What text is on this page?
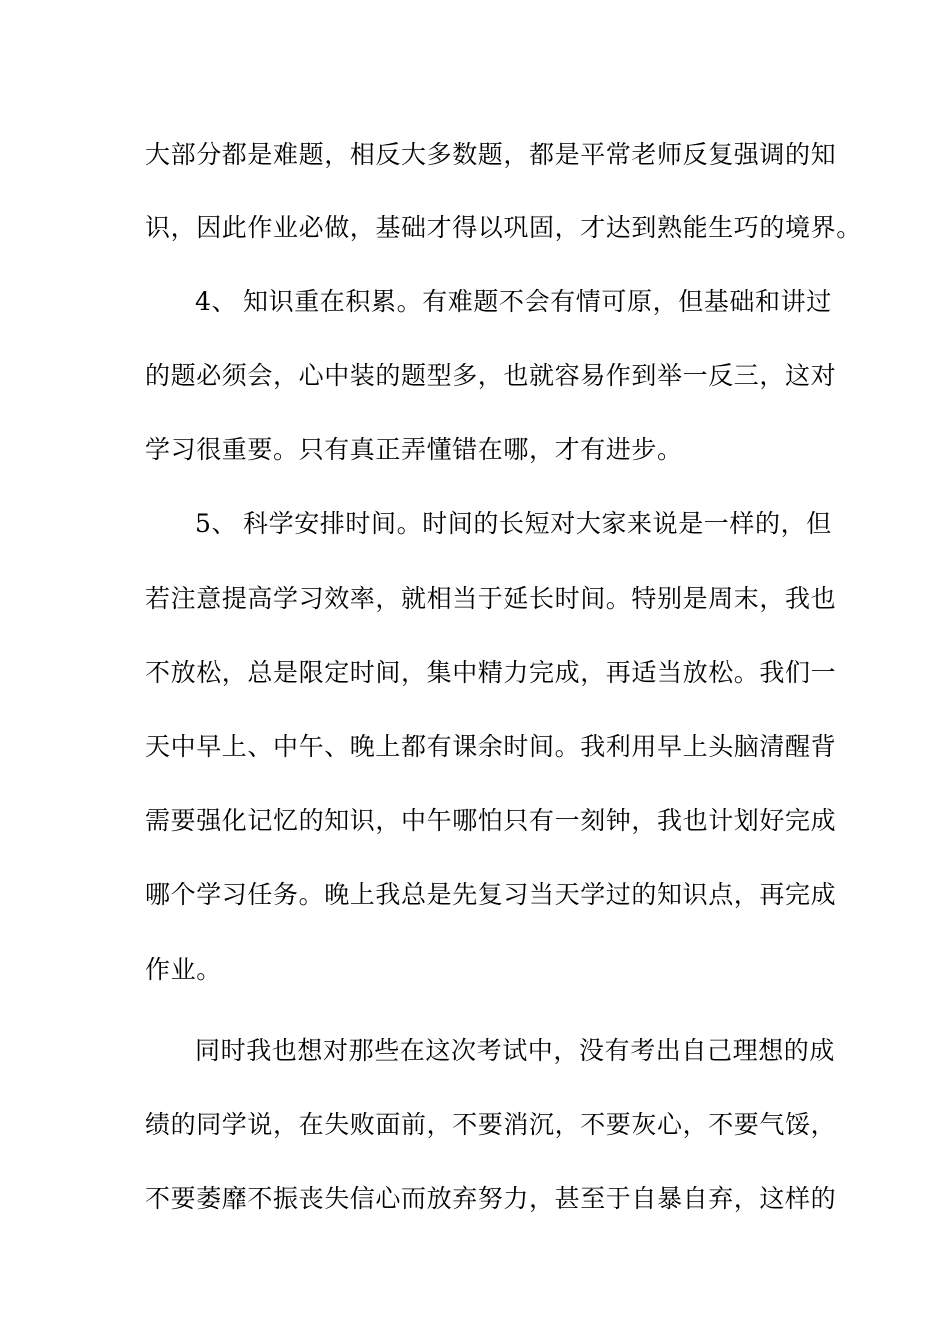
大部分都是难题，相反大多数题，都是平常老师反复强调的知
识，因此作业必做，基础才得以巩固，才达到熟能生巧的境界。
4、 知识重在积累。有难题不会有情可原，但基础和讲过
的题必须会，心中装的题型多，也就容易作到举一反三，这对
学习很重要。只有真正弄懂错在哪，才有进步。
5、 科学安排时间。时间的长短对大家来说是一样的，但
若注意提高学习效率，就相当于延长时间。特别是周末，我也
不放松，总是限定时间，集中精力完成，再适当放松。我们一
天中早上、中午、晚上都有课余时间。我利用早上头脑清醒背
需要强化记忆的知识，中午哪怕只有一刻钟，我也计划好完成
哪个学习任务。晚上我总是先复习当天学过的知识点，再完成
作业。
同时我也想对那些在这次考试中，没有考出自己理想的成
绩的同学说，在失败面前，不要消沉，不要灰心，不要气馁，
不要萎靡不振丧失信心而放弃努力，甚至于自暴自弃，这样的
